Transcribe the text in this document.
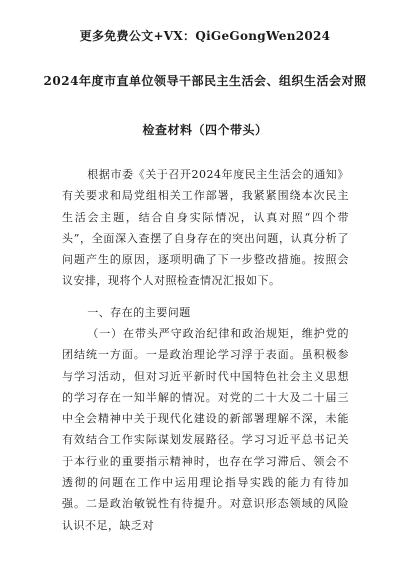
更多免费公文+VX：QiGeGongWen2024
2024年度市直单位领导干部民主生活会、组织生活会对照
检查材料（四个带头）
根据市委《关于召开2024年度民主生活会的通知》有关要求和局党组相关工作部署，我紧紧围绕本次民主生活会主题，结合自身实际情况，认真对照“四个带头”，全面深入查摆了自身存在的突出问题，认真分析了问题产生的原因，逐项明确了下一步整改措施。按照会议安排，现将个人对照检查情况汇报如下。
一、存在的主要问题
（一）在带头严守政治纪律和政治规矩，维护党的团结统一方面。一是政治理论学习浮于表面。虽积极参与学习活动，但对习近平新时代中国特色社会主义思想的学习存在一知半解的情况。对党的二十大及二十届三中全会精神中关于现代化建设的新部署理解不深，未能有效结合工作实际谋划发展路径。学习习近平总书记关于本行业的重要指示精神时，也存在学习滞后、领会不透彻的问题在工作中运用理论指导实践的能力有待加强。二是政治敏锐性有待提升。对意识形态领域的风险认识不足，缺乏对
